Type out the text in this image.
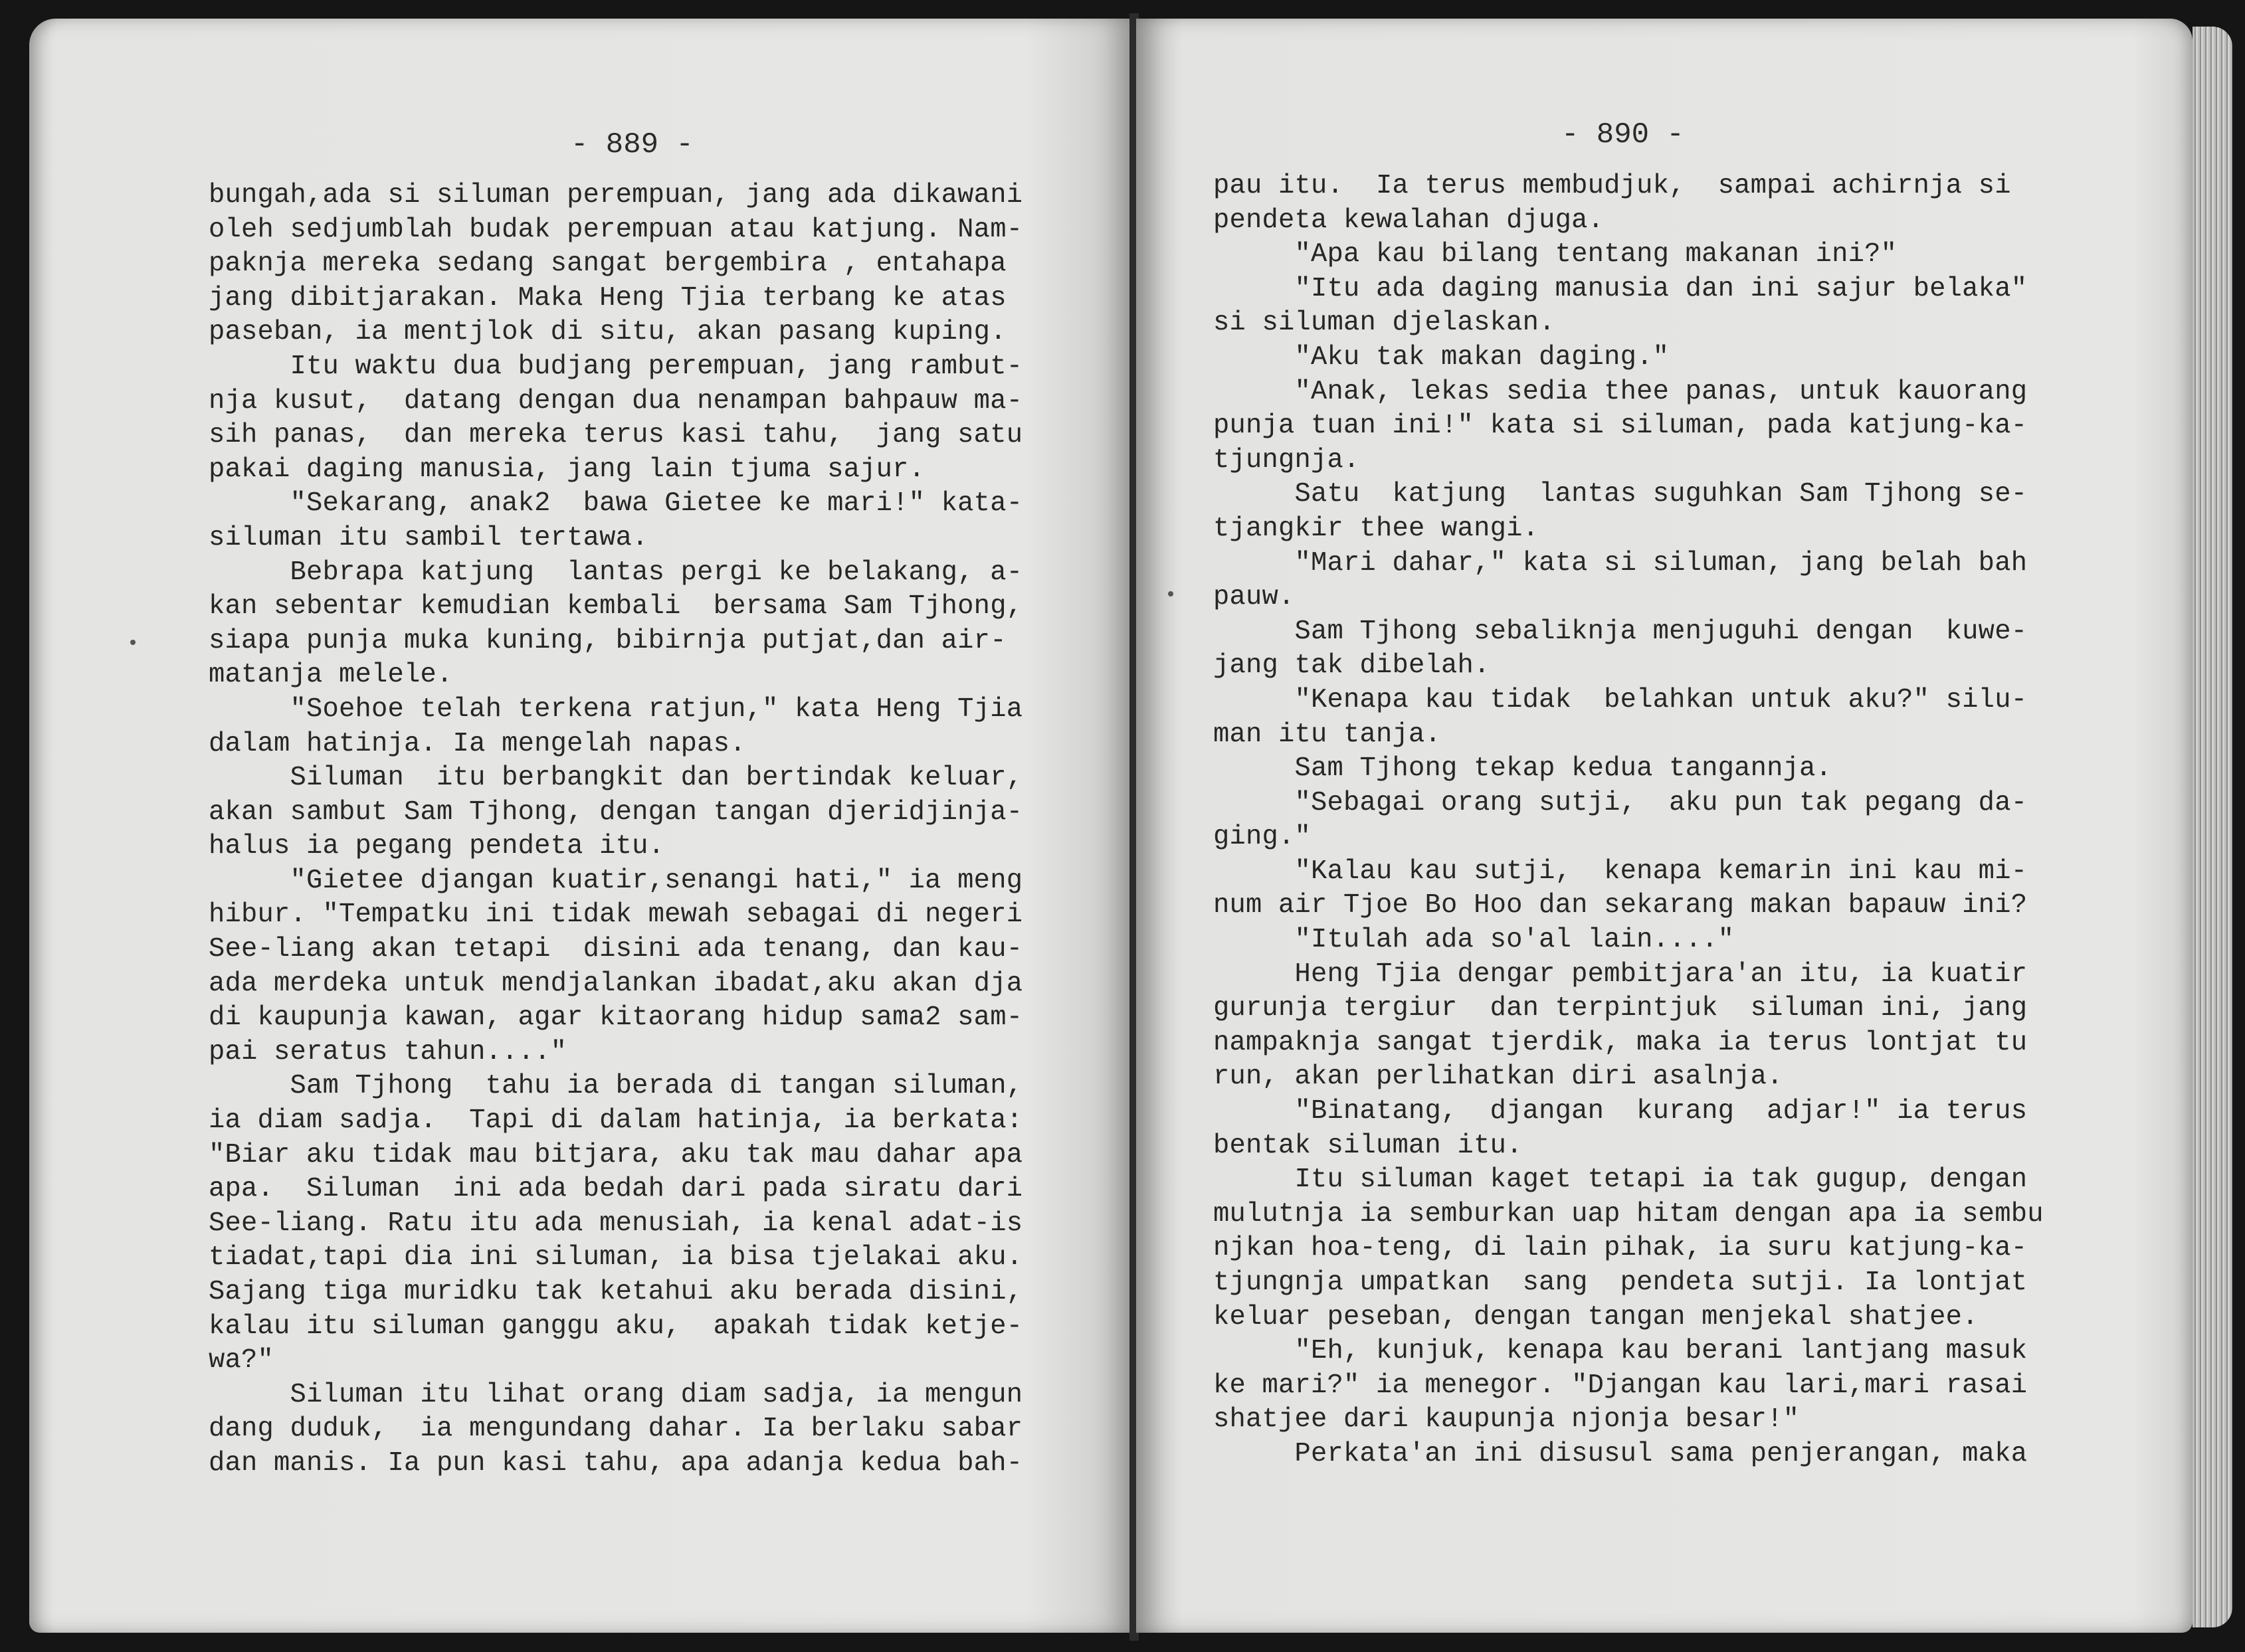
- 889 -
bungah,ada si siluman perempuan, jang ada dikawani
oleh sedjumblah budak perempuan atau katjung. Nam-
paknja mereka sedang sangat bergembira , entahapa
jang dibitjarakan. Maka Heng Tjia terbang ke atas
paseban, ia mentjlok di situ, akan pasang kuping.
Itu waktu dua budjang perempuan, jang rambut-
nja kusut,  datang dengan dua nenampan bahpauw ma-
sih panas,  dan mereka terus kasi tahu,  jang satu
pakai daging manusia, jang lain tjuma sajur.
"Sekarang, anak2  bawa Gietee ke mari!" kata-
siluman itu sambil tertawa.
Bebrapa katjung  lantas pergi ke belakang, a-
kan sebentar kemudian kembali  bersama Sam Tjhong,
siapa punja muka kuning, bibirnja putjat,dan air-
matanja melele.
"Soehoe telah terkena ratjun," kata Heng Tjia
dalam hatinja. Ia mengelah napas.
Siluman  itu berbangkit dan bertindak keluar,
akan sambut Sam Tjhong, dengan tangan djeridjinja-
halus ia pegang pendeta itu.
"Gietee djangan kuatir,senangi hati," ia meng
hibur. "Tempatku ini tidak mewah sebagai di negeri
See-liang akan tetapi  disini ada tenang, dan kau-
ada merdeka untuk mendjalankan ibadat,aku akan dja
di kaupunja kawan, agar kitaorang hidup sama2 sam-
pai seratus tahun...."
Sam Tjhong  tahu ia berada di tangan siluman,
ia diam sadja.  Tapi di dalam hatinja, ia berkata:
"Biar aku tidak mau bitjara, aku tak mau dahar apa
apa.  Siluman  ini ada bedah dari pada siratu dari
See-liang. Ratu itu ada menusiah, ia kenal adat-is
tiadat,tapi dia ini siluman, ia bisa tjelakai aku.
Sajang tiga muridku tak ketahui aku berada disini,
kalau itu siluman ganggu aku,  apakah tidak ketje-
wa?"
Siluman itu lihat orang diam sadja, ia mengun
dang duduk,  ia mengundang dahar. Ia berlaku sabar
dan manis. Ia pun kasi tahu, apa adanja kedua bah-
- 890 -
pau itu.  Ia terus membudjuk,  sampai achirnja si
pendeta kewalahan djuga.
"Apa kau bilang tentang makanan ini?"
"Itu ada daging manusia dan ini sajur belaka"
si siluman djelaskan.
"Aku tak makan daging."
"Anak, lekas sedia thee panas, untuk kauorang
punja tuan ini!" kata si siluman, pada katjung-ka-
tjungnja.
Satu  katjung  lantas suguhkan Sam Tjhong se-
tjangkir thee wangi.
"Mari dahar," kata si siluman, jang belah bah
pauw.
Sam Tjhong sebaliknja menjuguhi dengan  kuwe-
jang tak dibelah.
"Kenapa kau tidak  belahkan untuk aku?" silu-
man itu tanja.
Sam Tjhong tekap kedua tangannja.
"Sebagai orang sutji,  aku pun tak pegang da-
ging."
"Kalau kau sutji,  kenapa kemarin ini kau mi-
num air Tjoe Bo Hoo dan sekarang makan bapauw ini?
"Itulah ada so'al lain...."
Heng Tjia dengar pembitjara'an itu, ia kuatir
gurunja tergiur  dan terpintjuk  siluman ini, jang
nampaknja sangat tjerdik, maka ia terus lontjat tu
run, akan perlihatkan diri asalnja.
"Binatang,  djangan  kurang  adjar!" ia terus
bentak siluman itu.
Itu siluman kaget tetapi ia tak gugup, dengan
mulutnja ia semburkan uap hitam dengan apa ia sembu
njkan hoa-teng, di lain pihak, ia suru katjung-ka-
tjungnja umpatkan  sang  pendeta sutji. Ia lontjat
keluar peseban, dengan tangan menjekal shatjee.
"Eh, kunjuk, kenapa kau berani lantjang masuk
ke mari?" ia menegor. "Djangan kau lari,mari rasai
shatjee dari kaupunja njonja besar!"
Perkata'an ini disusul sama penjerangan, maka
